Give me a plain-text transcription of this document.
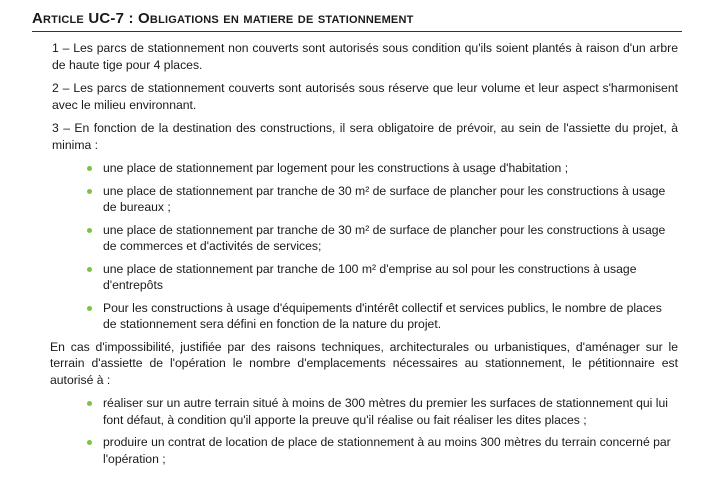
Article UC-7 : Obligations en matiere de stationnement

1 – Les parcs de stationnement non couverts sont autorisés sous condition qu'ils soient plantés à raison d'un arbre de haute tige pour 4 places.

2 – Les parcs de stationnement couverts sont autorisés sous réserve que leur volume et leur aspect s'harmonisent avec le milieu environnant.

3 – En fonction de la destination des constructions, il sera obligatoire de prévoir, au sein de l'assiette du projet, à minima :

une place de stationnement par logement pour les constructions à usage d'habitation ;
une place de stationnement par tranche de 30 m² de surface de plancher pour les constructions à usage de bureaux ;
une place de stationnement par tranche de 30 m² de surface de plancher pour les constructions à usage de commerces et d'activités de services;
une place de stationnement par tranche de 100 m² d'emprise au sol pour les constructions à usage d'entrepôts
Pour les constructions à usage d'équipements d'intérêt collectif et services publics, le nombre de places de stationnement sera défini en fonction de la nature du projet.

En cas d'impossibilité, justifiée par des raisons techniques, architecturales ou urbanistiques, d'aménager sur le terrain d'assiette de l'opération le nombre d'emplacements nécessaires au stationnement, le pétitionnaire est autorisé à :

réaliser sur un autre terrain situé à moins de 300 mètres du premier les surfaces de stationnement qui lui font défaut, à condition qu'il apporte la preuve qu'il réalise ou fait réaliser les dites places ;
produire un contrat de location de place de stationnement à au moins 300 mètres du terrain concerné par l'opération ;
